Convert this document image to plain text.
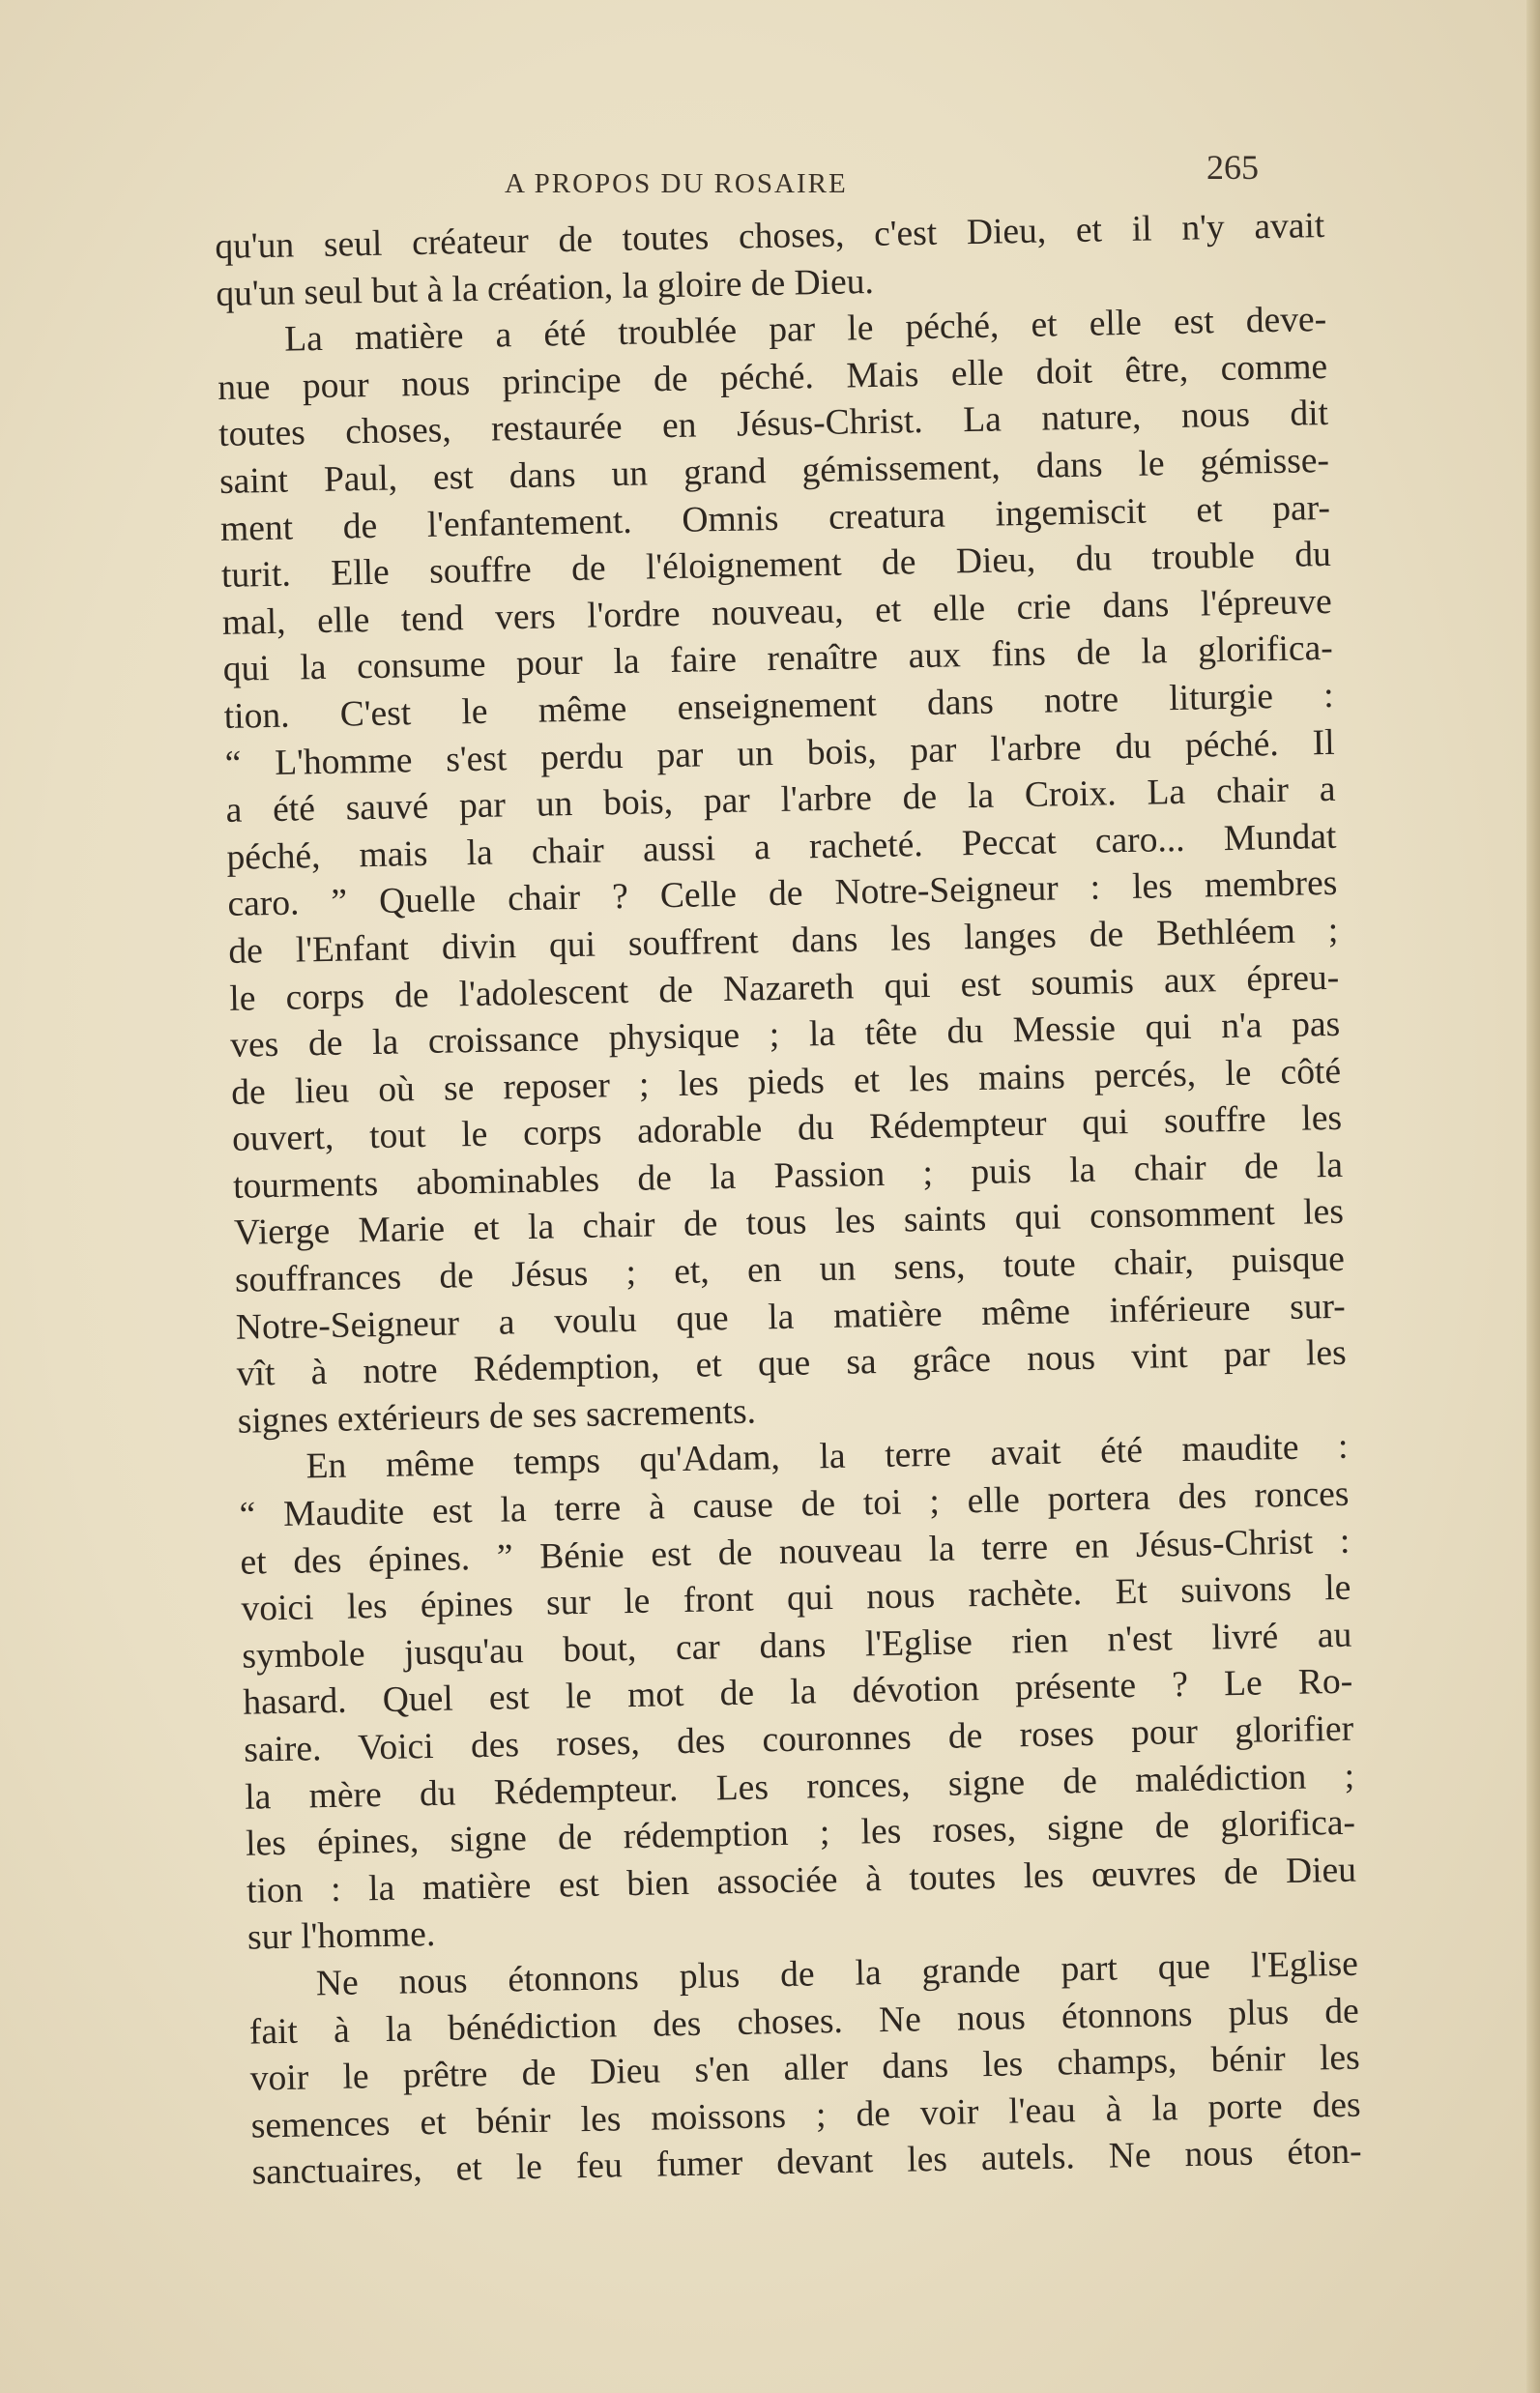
A PROPOS DU ROSAIRE	265
qu'un seul créateur de toutes choses, c'est Dieu, et il n'y avait
qu'un seul but à la création, la gloire de Dieu.
La matière a été troublée par le péché, et elle est deve-
nue pour nous principe de péché. Mais elle doit être, comme
toutes choses, restaurée en Jésus-Christ. La nature, nous dit
saint Paul, est dans un grand gémissement, dans le gémisse-
ment de l'enfantement. Omnis creatura ingemiscit et par-
turit. Elle souffre de l'éloignement de Dieu, du trouble du
mal, elle tend vers l'ordre nouveau, et elle crie dans l'épreuve
qui la consume pour la faire renaître aux fins de la glorifica-
tion. C'est le même enseignement dans notre liturgie :
“ L'homme s'est perdu par un bois, par l'arbre du péché. Il
a été sauvé par un bois, par l'arbre de la Croix. La chair a
péché, mais la chair aussi a racheté. Peccat caro... Mundat
caro. ” Quelle chair ? Celle de Notre-Seigneur : les membres
de l'Enfant divin qui souffrent dans les langes de Bethléem ;
le corps de l'adolescent de Nazareth qui est soumis aux épreu-
ves de la croissance physique ; la tête du Messie qui n'a pas
de lieu où se reposer ; les pieds et les mains percés, le côté
ouvert, tout le corps adorable du Rédempteur qui souffre les
tourments abominables de la Passion ; puis la chair de la
Vierge Marie et la chair de tous les saints qui consomment les
souffrances de Jésus ; et, en un sens, toute chair, puisque
Notre-Seigneur a voulu que la matière même inférieure sur-
vît à notre Rédemption, et que sa grâce nous vint par les
signes extérieurs de ses sacrements.
En même temps qu'Adam, la terre avait été maudite :
“ Maudite est la terre à cause de toi ; elle portera des ronces
et des épines. ” Bénie est de nouveau la terre en Jésus-Christ :
voici les épines sur le front qui nous rachète. Et suivons le
symbole jusqu'au bout, car dans l'Eglise rien n'est livré au
hasard. Quel est le mot de la dévotion présente ? Le Ro-
saire. Voici des roses, des couronnes de roses pour glorifier
la mère du Rédempteur. Les ronces, signe de malédiction ;
les épines, signe de rédemption ; les roses, signe de glorifica-
tion : la matière est bien associée à toutes les œuvres de Dieu
sur l'homme.
Ne nous étonnons plus de la grande part que l'Eglise
fait à la bénédiction des choses. Ne nous étonnons plus de
voir le prêtre de Dieu s'en aller dans les champs, bénir les
semences et bénir les moissons ; de voir l'eau à la porte des
sanctuaires, et le feu fumer devant les autels. Ne nous éton-
